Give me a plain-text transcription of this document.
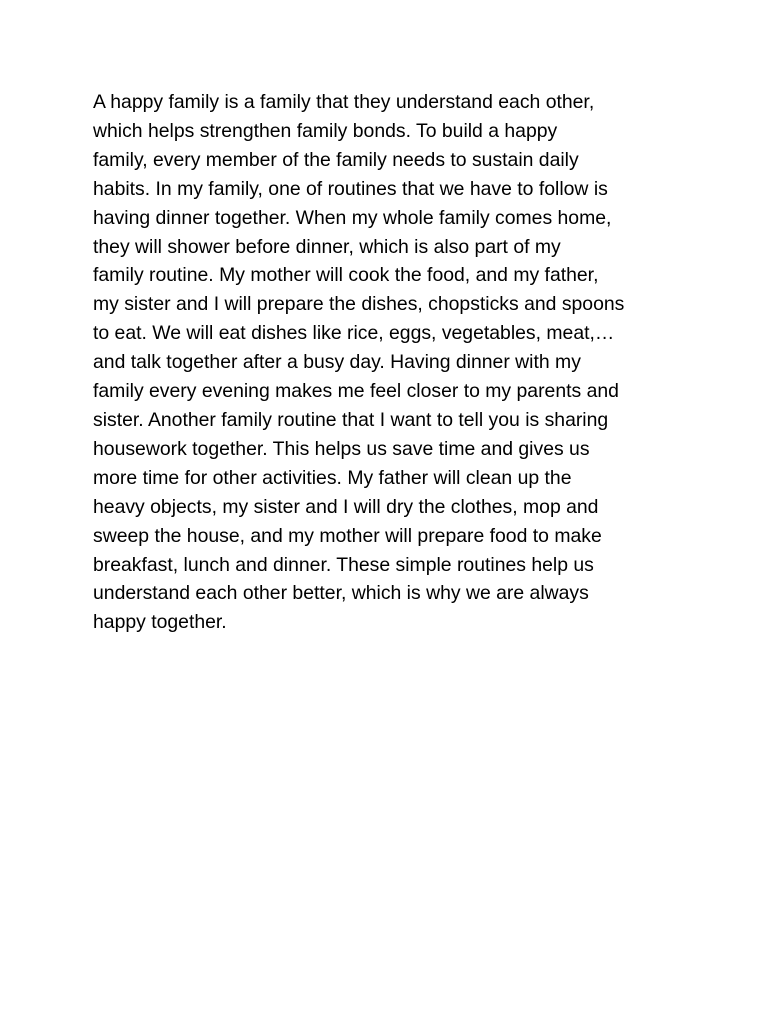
A happy family is a family that they understand each other,
which helps strengthen family bonds. To build a happy
family, every member of the family needs to sustain daily
habits. In my family, one of routines that we have to follow is
having dinner together. When my whole family comes home,
they will shower before dinner, which is also part of my
family routine. My mother will cook the food, and my father,
my sister and I will prepare the dishes, chopsticks and spoons
to eat. We will eat dishes like rice, eggs, vegetables, meat,…
and talk together after a busy day. Having dinner with my
family every evening makes me feel closer to my parents and
sister. Another family routine that I want to tell you is sharing
housework together. This helps us save time and gives us
more time for other activities. My father will clean up the
heavy objects, my sister and I will dry the clothes, mop and
sweep the house, and my mother will prepare food to make
breakfast, lunch and dinner. These simple routines help us
understand each other better, which is why we are always
happy together.
